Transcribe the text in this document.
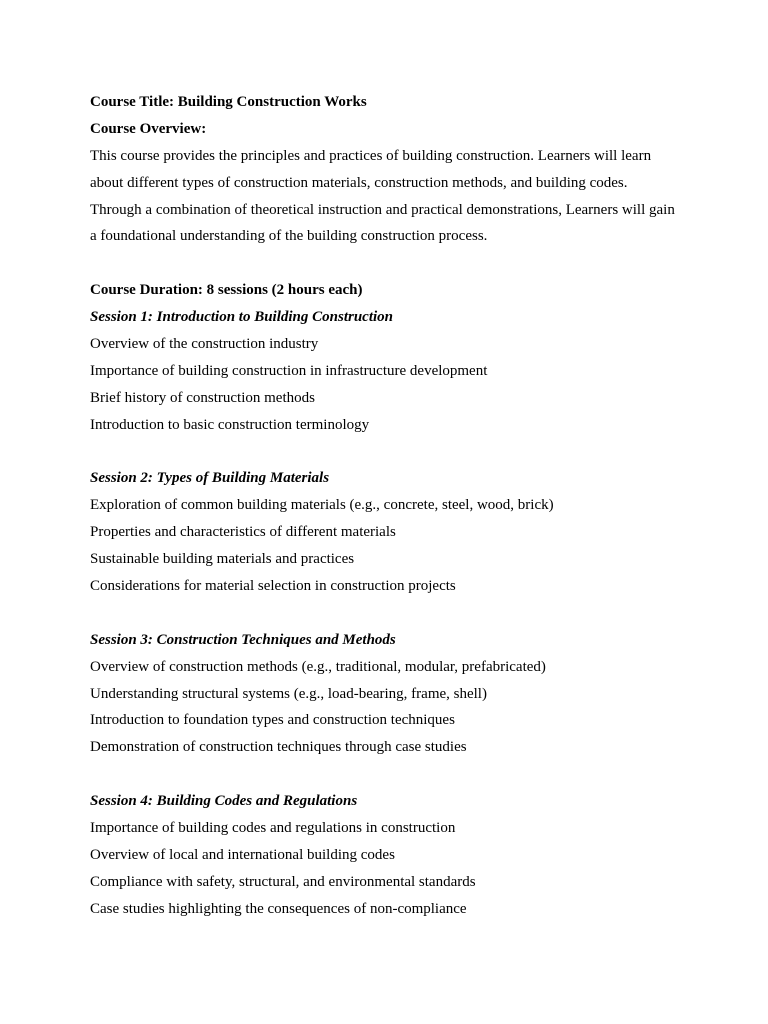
Course Title: Building Construction Works
Course Overview:
This course provides the principles and practices of building construction. Learners will learn
about different types of construction materials, construction methods, and building codes.
Through a combination of theoretical instruction and practical demonstrations, Learners will gain
a foundational understanding of the building construction process.
Course Duration: 8 sessions (2 hours each)
Session 1: Introduction to Building Construction
Overview of the construction industry
Importance of building construction in infrastructure development
Brief history of construction methods
Introduction to basic construction terminology
Session 2: Types of Building Materials
Exploration of common building materials (e.g., concrete, steel, wood, brick)
Properties and characteristics of different materials
Sustainable building materials and practices
Considerations for material selection in construction projects
Session 3: Construction Techniques and Methods
Overview of construction methods (e.g., traditional, modular, prefabricated)
Understanding structural systems (e.g., load-bearing, frame, shell)
Introduction to foundation types and construction techniques
Demonstration of construction techniques through case studies
Session 4: Building Codes and Regulations
Importance of building codes and regulations in construction
Overview of local and international building codes
Compliance with safety, structural, and environmental standards
Case studies highlighting the consequences of non-compliance
